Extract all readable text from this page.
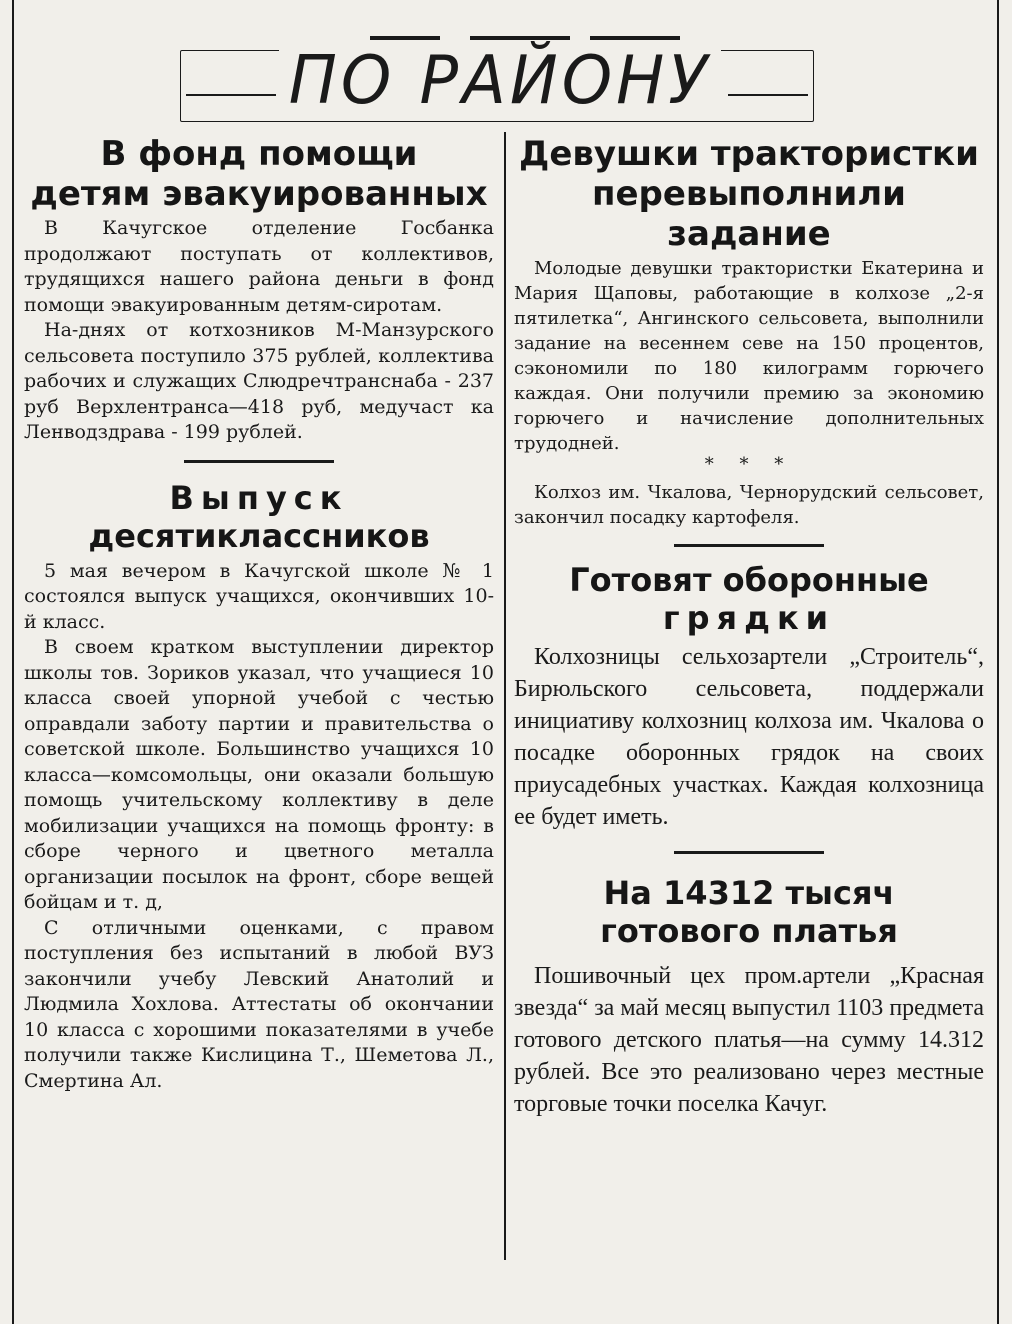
ПО РАЙОНУ
В фонд помощи
детям эвакуированных

В Качугское отделение Госбанка продолжают поступать от коллективов, трудящихся нашего района деньги в фонд помощи эвакуированным детям-сиротам.

На-днях от котхозников М-Манзурского сельсовета поступило 375 рублей, коллектива рабочих и служащих Слюдречтранснаба - 237 руб Верхлентранса—418 руб, медучаст ка Ленводздрава - 199 рублей.

Выпуск
десятиклассников

5 мая вечером в Качугской школе № 1 состоялся выпуск учащихся, окончивших 10-й класс.

В своем кратком выступлении директор школы тов. Зориков указал, что учащиеся 10 класса своей упорной учебой с честью оправдали заботу партии и правительства о советской школе. Большинство учащихся 10 класса—комсомольцы, они оказали большую помощь учительскому коллективу в деле мобилизации учащихся на помощь фронту: в сборе черного и цветного металла организации посылок на фронт, сборе вещей бойцам и т. д,

С отличными оценками, с правом поступления без испытаний в любой ВУЗ закончили учебу Левский Анатолий и Людмила Хохлова. Аттестаты об окончании 10 класса с хорошими показателями в учебе получили также Кислицина Т., Шеметова Л., Смертина Ал.

Девушки трактористки
перевыполнили задание

Молодые девушки трактористки Екатерина и Мария Щаповы, работающие в колхозе „2-я пятилетка“, Ангинского сельсовета, выполнили задание на весеннем севе на 150 процентов, сэкономили по 180 килограмм горючего каждая. Они получили премию за экономию горючего и начисление дополнительных трудодней.

* * *

Колхоз им. Чкалова, Чернорудский сельсовет, закончил посадку картофеля.

Готовят оборонные
грядки

Колхозницы сельхозартели „Строитель“, Бирюльского сельсовета, поддержали инициативу колхозниц колхоза им. Чкалова о посадке оборонных грядок на своих приусадебных участках. Каждая колхозница ее будет иметь.

На 14312 тысяч
готового платья

Пошивочный цех пром.артели „Красная звезда“ за май месяц выпустил 1103 предмета готового детского платья—на сумму 14.312 рублей. Все это реализовано через местные торговые точки поселка Качуг.
